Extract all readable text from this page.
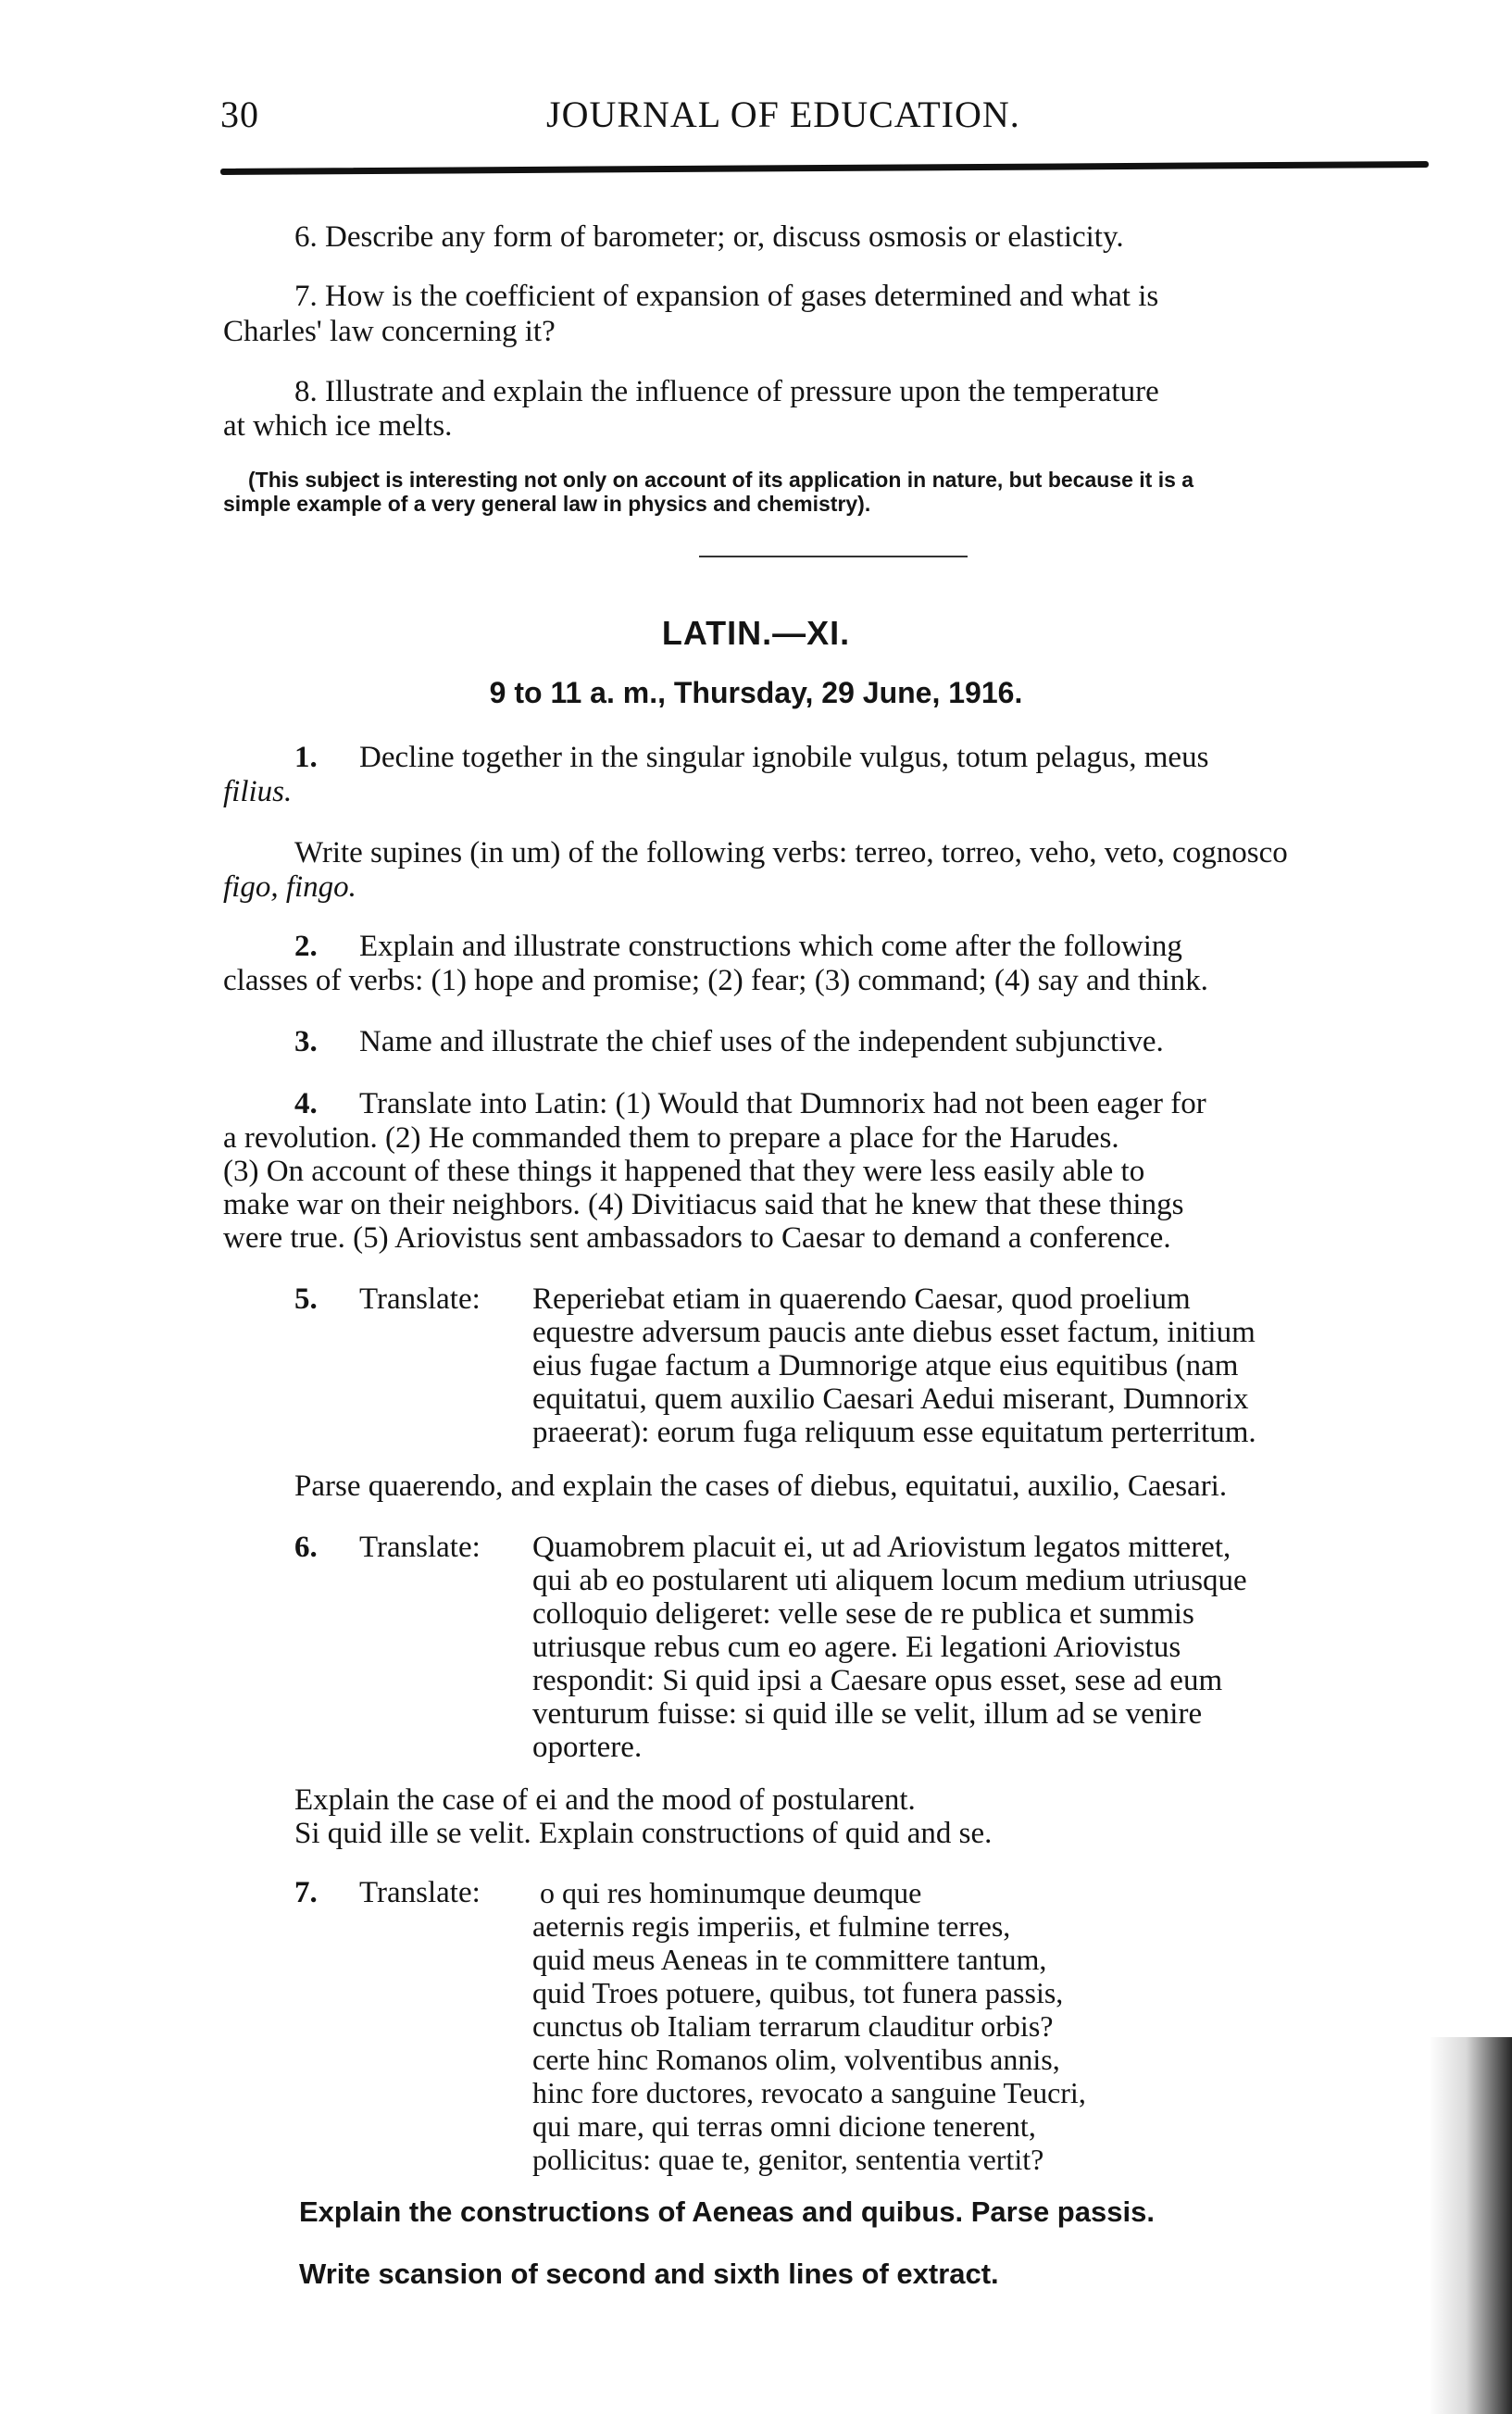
30	JOURNAL OF EDUCATION.
6. Describe any form of barometer; or, discuss osmosis or elasticity.
7. How is the coefficient of expansion of gases determined and what is
Charles' law concerning it?
8. Illustrate and explain the influence of pressure upon the temperature
at which ice melts.
(This subject is interesting not only on account of its application in nature, but because it is a
simple example of a very general law in physics and chemistry).
LATIN.—XI.
9 to 11 a. m., Thursday, 29 June, 1916.
1. Decline together in the singular ignobile vulgus, totum pelagus, meus
filius.
Write supines (in um) of the following verbs: terreo, torreo, veho, veto, cognosco
figo, fingo.
2. Explain and illustrate constructions which come after the following
classes of verbs: (1) hope and promise; (2) fear; (3) command; (4) say and think.
3. Name and illustrate the chief uses of the independent subjunctive.
4. Translate into Latin: (1) Would that Dumnorix had not been eager for
a revolution. (2) He commanded them to prepare a place for the Harudes.
(3) On account of these things it happened that they were less easily able to
make war on their neighbors. (4) Divitiacus said that he knew that these things
were true. (5) Ariovistus sent ambassadors to Caesar to demand a conference.
5. Translate: Reperiebat etiam in quaerendo Caesar, quod proelium
equestre adversum paucis ante diebus esset factum, initium
eius fugae factum a Dumnorige atque eius equitibus (nam
equitatui, quem auxilio Caesari Aedui miserant, Dumnorix
praeerat): eorum fuga reliquum esse equitatum perterritum.
Parse quaerendo, and explain the cases of diebus, equitatui, auxilio, Caesari.
6. Translate: Quamobrem placuit ei, ut ad Ariovistum legatos mitteret,
qui ab eo postularent uti aliquem locum medium utriusque
colloquio deligeret: velle sese de re publica et summis
utriusque rebus cum eo agere. Ei legationi Ariovistus
respondit: Si quid ipsi a Caesare opus esset, sese ad eum
venturum fuisse: si quid ille se velit, illum ad se venire
oportere.
Explain the case of ei and the mood of postularent.
Si quid ille se velit. Explain constructions of quid and se.
7. Translate: o qui res hominumque deumque
aeternis regis imperiis, et fulmine terres,
quid meus Aeneas in te committere tantum,
quid Troes potuere, quibus, tot funera passis,
cunctus ob Italiam terrarum clauditur orbis?
certe hinc Romanos olim, volventibus annis,
hinc fore ductores, revocato a sanguine Teucri,
qui mare, qui terras omni dicione tenerent,
pollicitus: quae te, genitor, sententia vertit?
Explain the constructions of Aeneas and quibus. Parse passis.
Write scansion of second and sixth lines of extract.
